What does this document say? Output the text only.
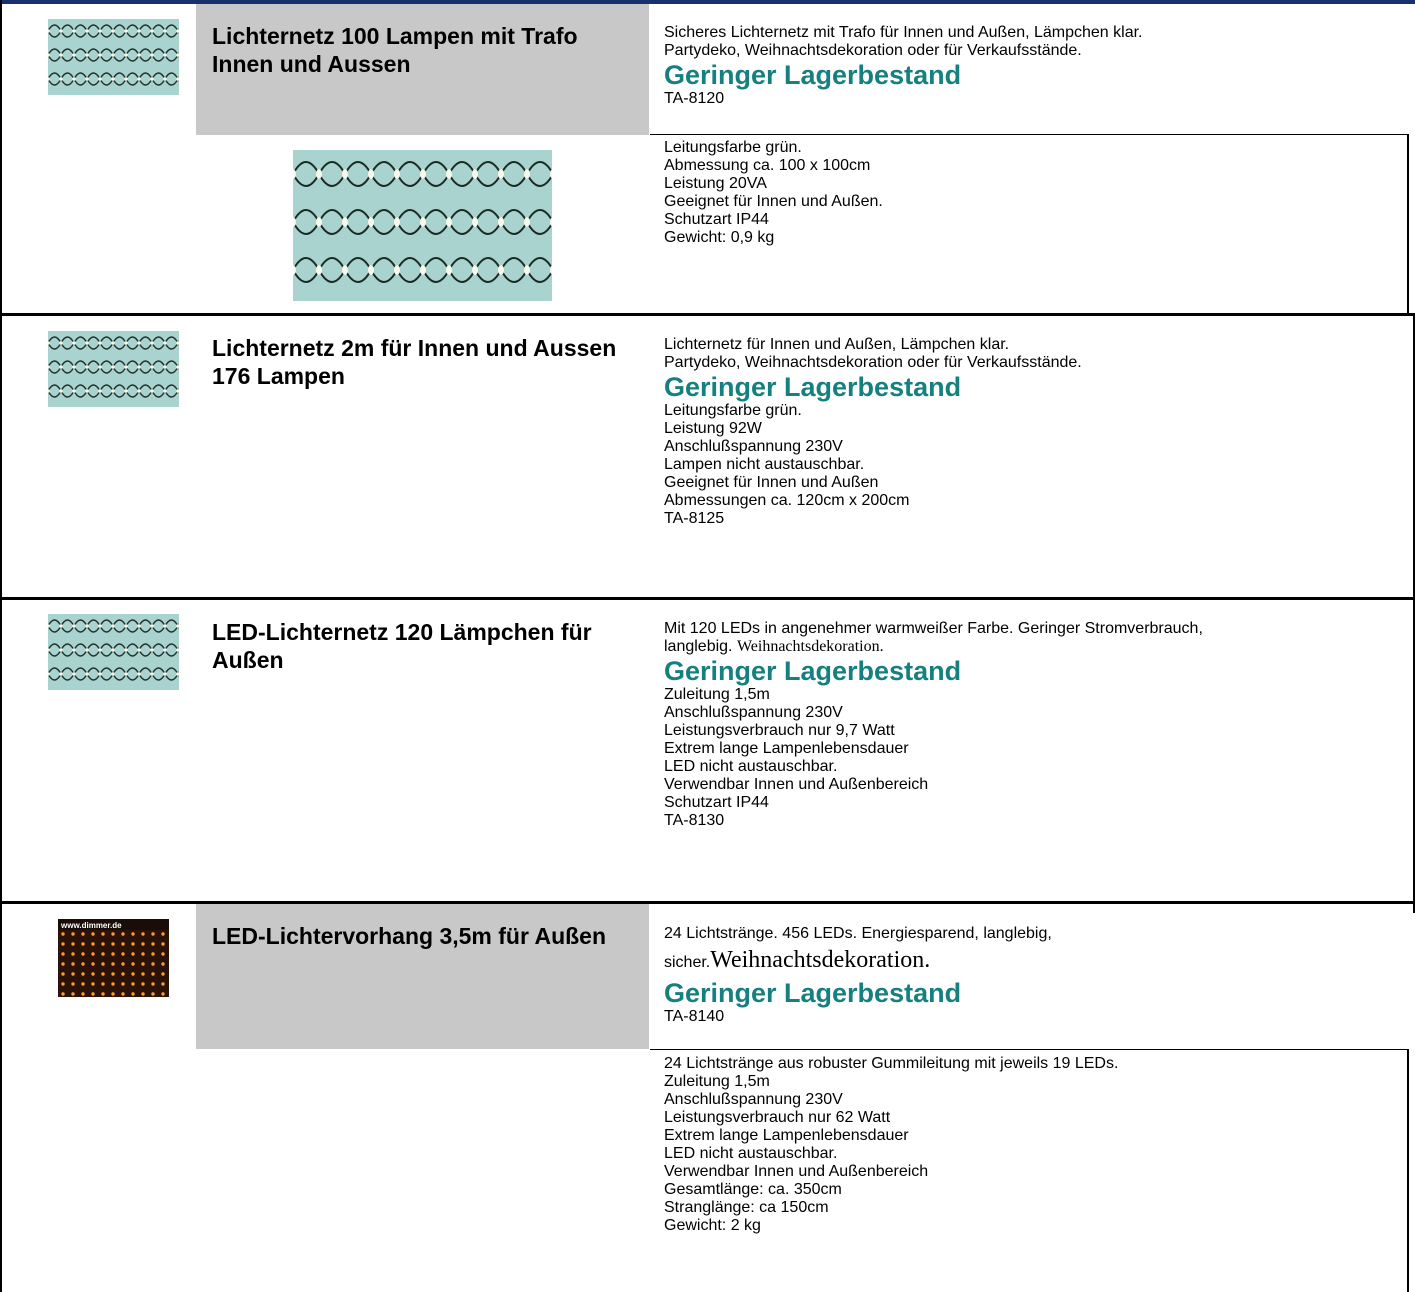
Lichternetz 100 Lampen mit Trafo Innen und Aussen
Sicheres Lichternetz mit Trafo für Innen und Außen, Lämpchen klar.
Partydeko, Weihnachtsdekoration oder für Verkaufsstände.
Geringer Lagerbestand
TA-8120
Leitungsfarbe grün.
Abmessung ca. 100 x 100cm
Leistung 20VA
Geeignet für Innen und Außen.
Schutzart IP44
Gewicht: 0,9 kg
Lichternetz 2m für Innen und Aussen 176 Lampen
Lichternetz für Innen und Außen, Lämpchen klar.
Partydeko, Weihnachtsdekoration oder für Verkaufsstände.
Geringer Lagerbestand
Leitungsfarbe grün.
Leistung 92W
Anschlußspannung 230V
Lampen nicht austauschbar.
Geeignet für Innen und Außen
Abmessungen ca. 120cm x 200cm
TA-8125
LED-Lichternetz 120 Lämpchen für Außen
Mit 120 LEDs in angenehmer warmweißer Farbe. Geringer Stromverbrauch,
langlebig. Weihnachtsdekoration.
Geringer Lagerbestand
Zuleitung 1,5m
Anschlußspannung 230V
Leistungsverbrauch nur 9,7 Watt
Extrem lange Lampenlebensdauer
LED nicht austauschbar.
Verwendbar Innen und Außenbereich
Schutzart IP44
TA-8130
www.dimmer.de	LED-Lichtervorhang 3,5m für Außen	24 Lichtstränge. 456 LEDs. Energiesparend, langlebig,
sicher.Weihnachtsdekoration.
Geringer Lagerbestand
TA-8140
24 Lichtstränge aus robuster Gummileitung mit jeweils 19 LEDs.
Zuleitung 1,5m
Anschlußspannung 230V
Leistungsverbrauch nur 62 Watt
Extrem lange Lampenlebensdauer
LED nicht austauschbar.
Verwendbar Innen und Außenbereich
Gesamtlänge: ca. 350cm
Stranglänge: ca 150cm
Gewicht: 2 kg
